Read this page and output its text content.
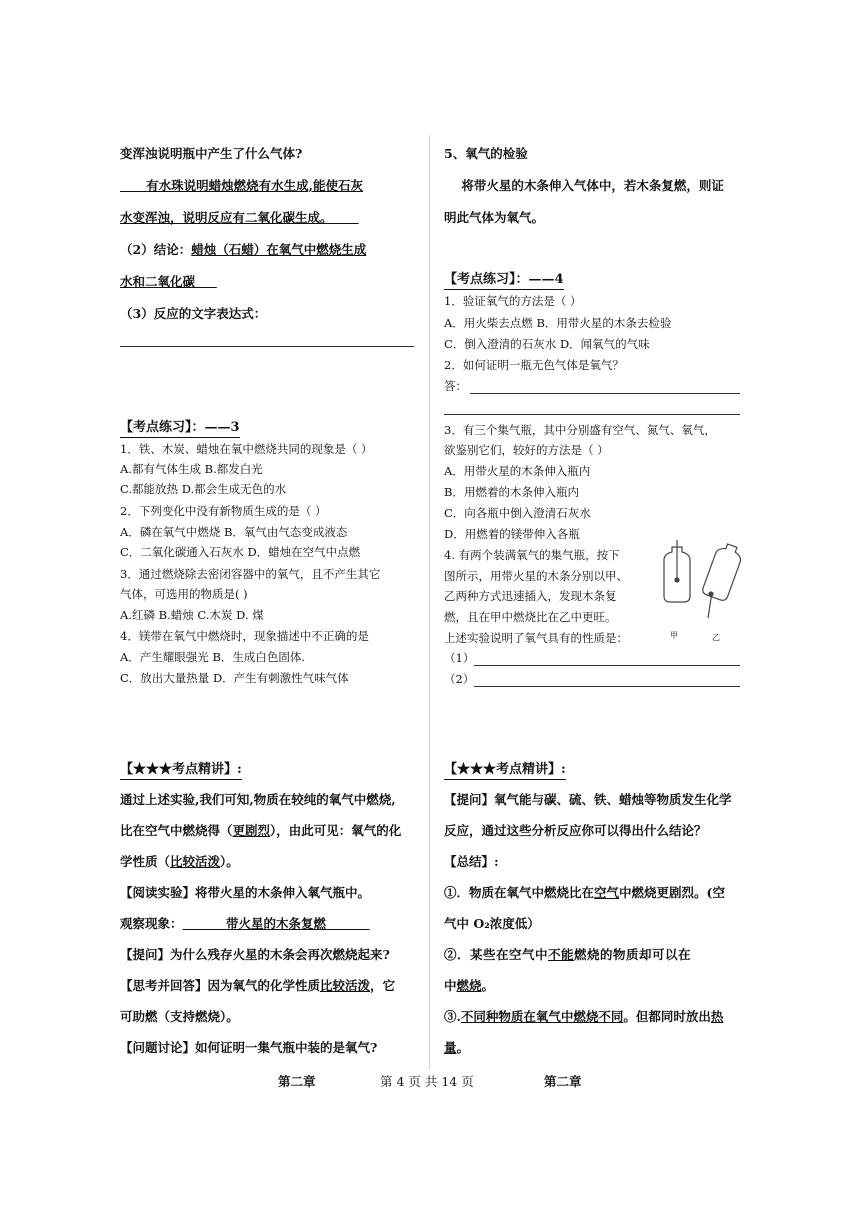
变浑浊说明瓶中产生了什么气体?
有水珠说明蜡烛燃烧有水生成,能使石灰
水变浑浊，说明反应有二氧化碳生成。
（2）结论：蜡烛（石蜡）在氧气中燃烧生成
水和二氧化碳
（3）反应的文字表达式：
【考点练习】：——3
1．铁、木炭、蜡烛在氧中燃烧共同的现象是（ ）
A.都有气体生成 B.都发白光
C.都能放热 D.都会生成无色的水
2．下列变化中没有新物质生成的是（ ）
A．磷在氧气中燃烧 B．氧气由气态变成液态
C．二氧化碳通入石灰水 D．蜡烛在空气中点燃
3．通过燃烧除去密闭容器中的氧气，且不产生其它
气体，可选用的物质是( )
A.红磷 B.蜡烛 C.木炭 D. 煤
4．镁带在氧气中燃烧时，现象描述中不正确的是
A．产生耀眼强光 B．生成白色固体.
C．放出大量热量 D．产生有刺激性气味气体
【★★★考点精讲】:
通过上述实验,我们可知,物质在较纯的氧气中燃烧,
比在空气中燃烧得（更剧烈），由此可见：氧气的化
学性质（比较活泼）。
【阅读实验】将带火星的木条伸入氧气瓶中。
观察现象：	带火星的木条复燃
【提问】为什么残存火星的木条会再次燃烧起来?
【思考并回答】因为氧气的化学性质比较活泼，它
可助燃（支持燃烧）。
【问题讨论】如何证明一集气瓶中装的是氧气?
5、氧气的检验
将带火星的木条伸入气体中，若木条复燃，则证
明此气体为氧气。
【考点练习】：——4
1．验证氧气的方法是（ ）
A．用火柴去点燃 B．用带火星的木条去检验
C．倒入澄清的石灰水 D．闻氧气的气味
2．如何证明一瓶无色气体是氧气？
答：
3．有三个集气瓶，其中分别盛有空气、氮气、氧气，
欲鉴别它们，较好的方法是（ ）
A．用带火星的木条伸入瓶内
B．用燃着的木条伸入瓶内
C．向各瓶中倒入澄清石灰水
D．用燃着的镁带伸入各瓶
4. 有两个装满氧气的集气瓶，按下
图所示，用带火星的木条分别以甲、
乙两种方式迅速插入，发现木条复
燃，且在甲中燃烧比在乙中更旺。
上述实验说明了氧气具有的性质是：
（1）
（2）
甲	乙
【★★★考点精讲】:
【提问】氧气能与碳、硫、铁、蜡烛等物质发生化学
反应，通过这些分析反应你可以得出什么结论？
【总结】:
①．物质在氧气中燃烧比在空气中燃烧更剧烈。(空
气中 O₂浓度低）
②．某些在空气中不能燃烧的物质却可以在
中燃烧。
③.不同种物质在氧气中燃烧不同。但都同时放出热
量。
第二章	第 4 页 共 14 页	第二章
